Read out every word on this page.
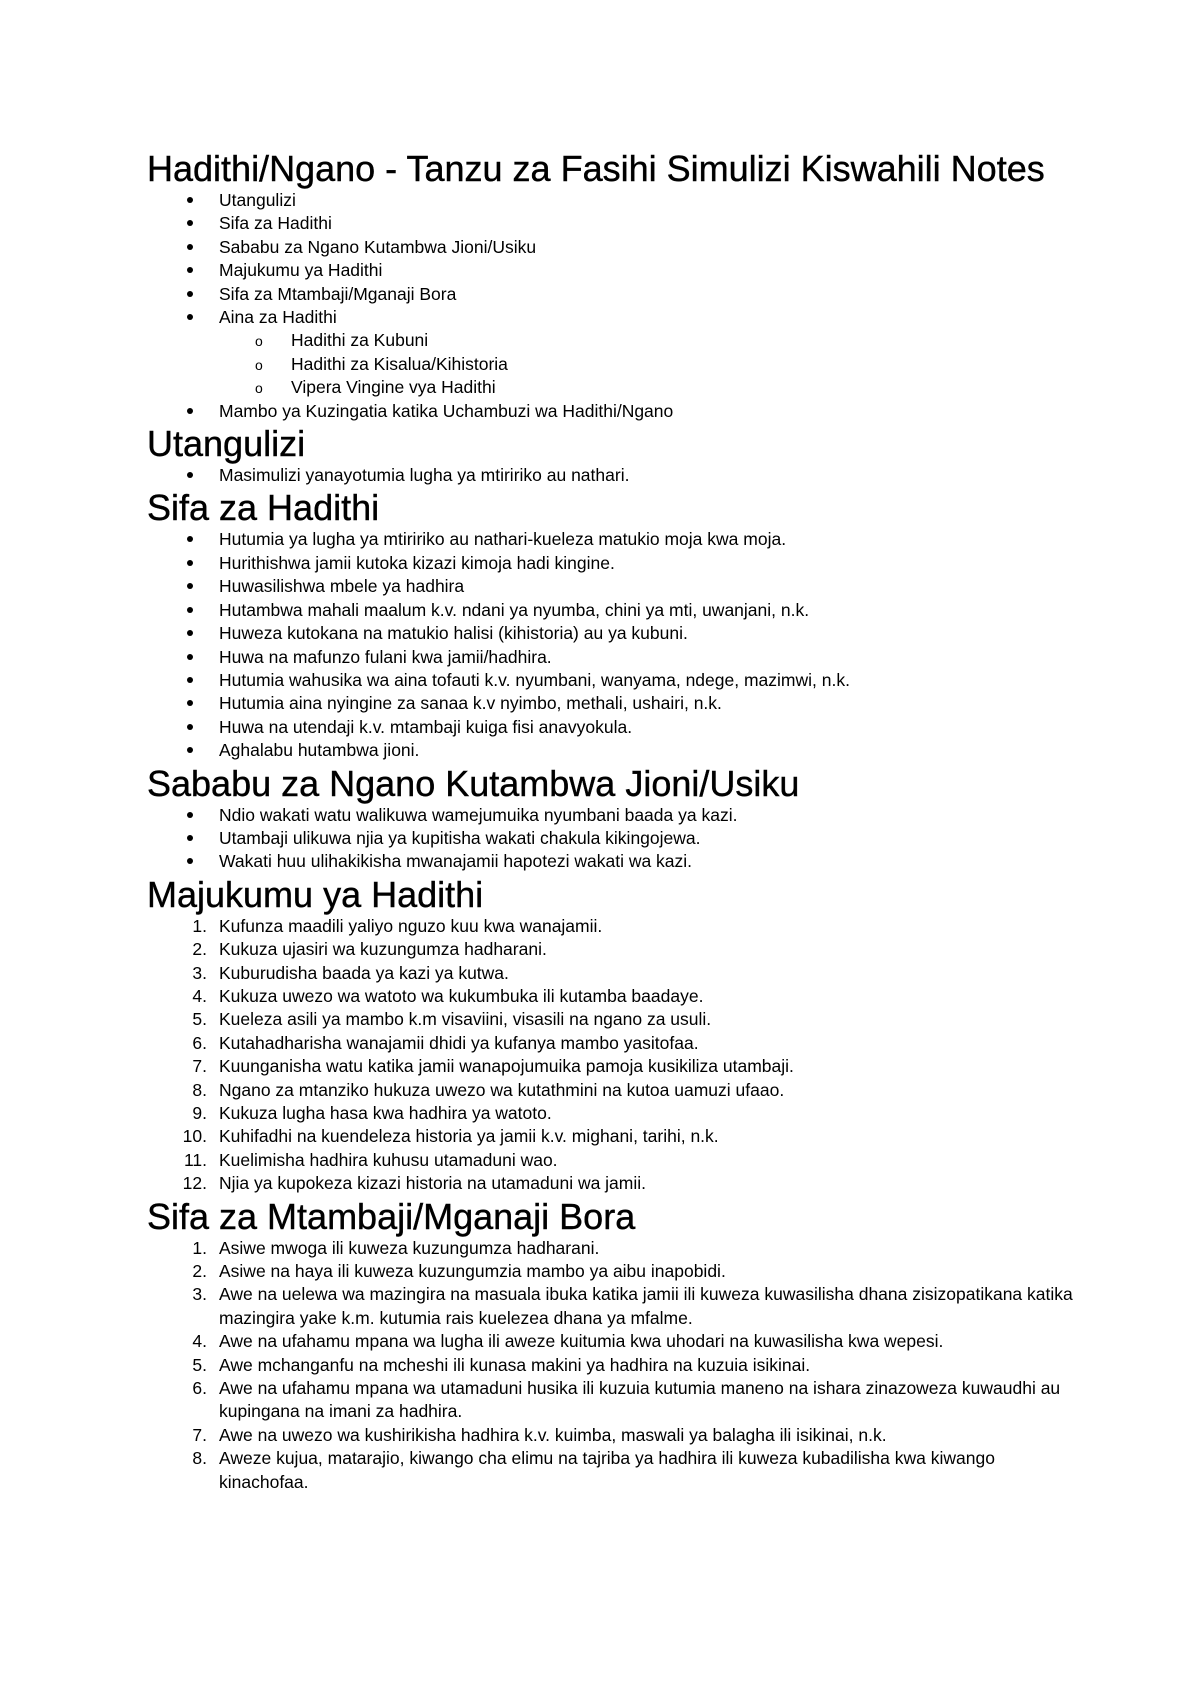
Hadithi/Ngano - Tanzu za Fasihi Simulizi Kiswahili Notes
Utangulizi
Sifa za Hadithi
Sababu za Ngano Kutambwa Jioni/Usiku
Majukumu ya Hadithi
Sifa za Mtambaji/Mganaji Bora
Aina za Hadithi
o Hadithi za Kubuni
o Hadithi za Kisalua/Kihistoria
o Vipera Vingine vya Hadithi
Mambo ya Kuzingatia katika Uchambuzi wa Hadithi/Ngano
Utangulizi
Masimulizi yanayotumia lugha ya mtiririko au nathari.
Sifa za Hadithi
Hutumia ya lugha ya mtiririko au nathari-kueleza matukio moja kwa moja.
Hurithishwa jamii kutoka kizazi kimoja hadi kingine.
Huwasilishwa mbele ya hadhira
Hutambwa mahali maalum k.v. ndani ya nyumba, chini ya mti, uwanjani, n.k.
Huweza kutokana na matukio halisi (kihistoria) au ya kubuni.
Huwa na mafunzo fulani kwa jamii/hadhira.
Hutumia wahusika wa aina tofauti k.v. nyumbani, wanyama, ndege, mazimwi, n.k.
Hutumia aina nyingine za sanaa k.v nyimbo, methali, ushairi, n.k.
Huwa na utendaji k.v. mtambaji kuiga fisi anavyokula.
Aghalabu hutambwa jioni.
Sababu za Ngano Kutambwa Jioni/Usiku
Ndio wakati watu walikuwa wamejumuika nyumbani baada ya kazi.
Utambaji ulikuwa njia ya kupitisha wakati chakula kikingojewa.
Wakati huu ulihakikisha mwanajamii hapotezi wakati wa kazi.
Majukumu ya Hadithi
1. Kufunza maadili yaliyo nguzo kuu kwa wanajamii.
2. Kukuza ujasiri wa kuzungumza hadharani.
3. Kuburudisha baada ya kazi ya kutwa.
4. Kukuza uwezo wa watoto wa kukumbuka ili kutamba baadaye.
5. Kueleza asili ya mambo k.m visaviini, visasili na ngano za usuli.
6. Kutahadharisha wanajamii dhidi ya kufanya mambo yasitofaa.
7. Kuunganisha watu katika jamii wanapojumuika pamoja kusikiliza utambaji.
8. Ngano za mtanziko hukuza uwezo wa kutathmini na kutoa uamuzi ufaao.
9. Kukuza lugha hasa kwa hadhira ya watoto.
10. Kuhifadhi na kuendeleza historia ya jamii k.v. mighani, tarihi, n.k.
11. Kuelimisha hadhira kuhusu utamaduni wao.
12. Njia ya kupokeza kizazi historia na utamaduni wa jamii.
Sifa za Mtambaji/Mganaji Bora
1. Asiwe mwoga ili kuweza kuzungumza hadharani.
2. Asiwe na haya ili kuweza kuzungumzia mambo ya aibu inapobidi.
3. Awe na uelewa wa mazingira na masuala ibuka katika jamii ili kuweza kuwasilisha dhana zisizopatikana katika mazingira yake k.m. kutumia rais kuelezea dhana ya mfalme.
4. Awe na ufahamu mpana wa lugha ili aweze kuitumia kwa uhodari na kuwasilisha kwa wepesi.
5. Awe mchanganfu na mcheshi ili kunasa makini ya hadhira na kuzuia isikinai.
6. Awe na ufahamu mpana wa utamaduni husika ili kuzuia kutumia maneno na ishara zinazoweza kuwaudhi au kupingana na imani za hadhira.
7. Awe na uwezo wa kushirikisha hadhira k.v. kuimba, maswali ya balagha ili isikinai, n.k.
8. Aweze kujua, matarajio, kiwango cha elimu na tajriba ya hadhira ili kuweza kubadilisha kwa kiwango kinachofaa.
